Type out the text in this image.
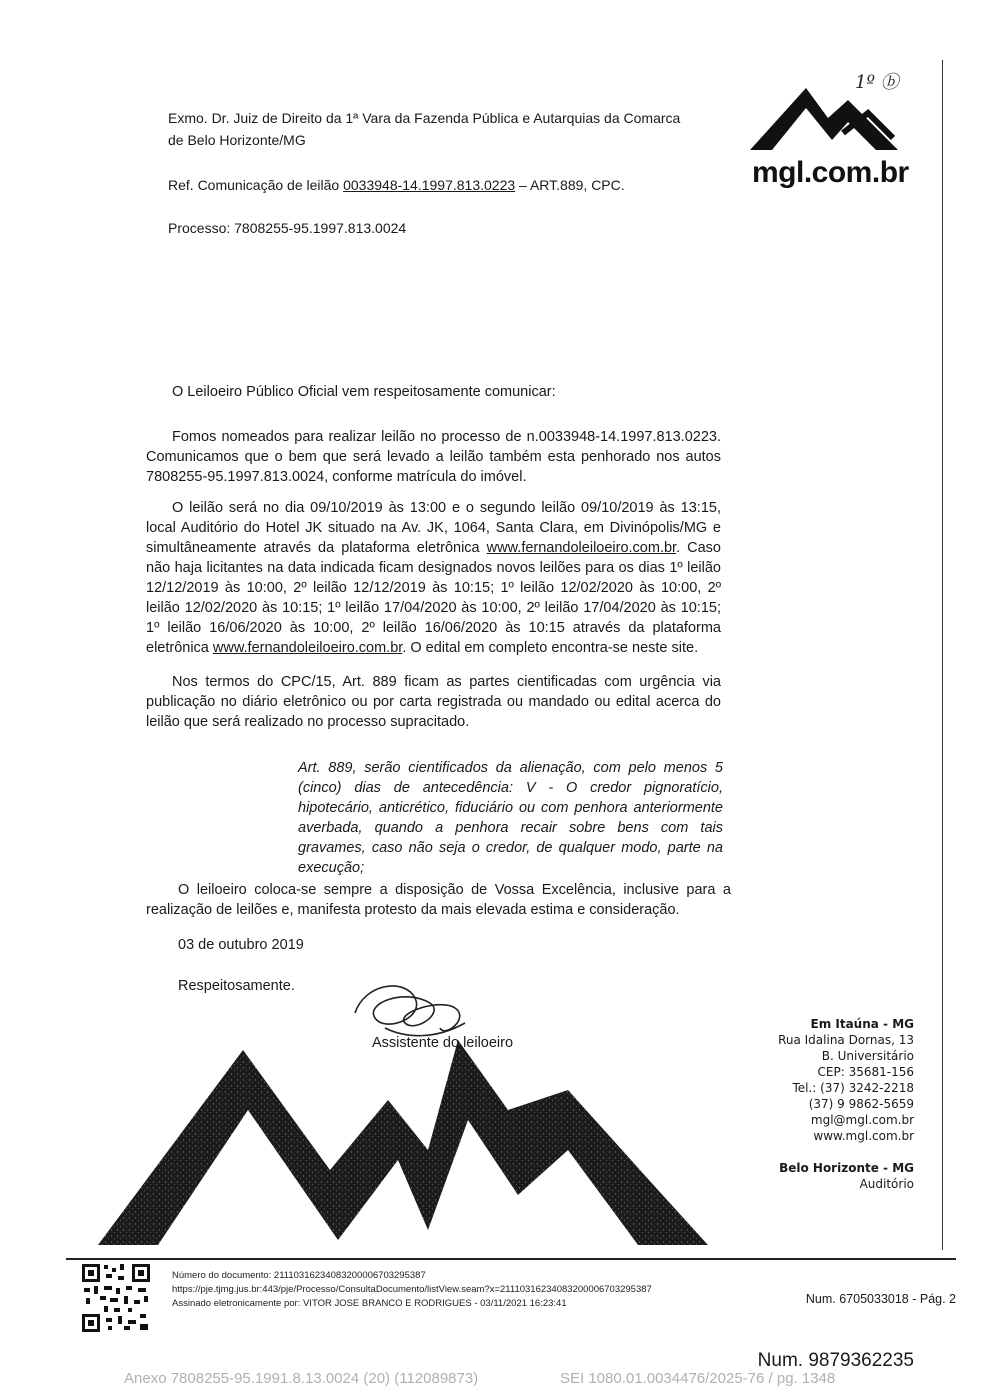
Exmo. Dr. Juiz de Direito da 1ª Vara da Fazenda Pública e Autarquias da Comarca
de Belo Horizonte/MG
Ref. Comunicação de leilão 0033948-14.1997.813.0223 – ART.889, CPC.
Processo: 7808255-95.1997.813.0024
1º ⓑ
mgl.com.br
O Leiloeiro Público Oficial vem respeitosamente comunicar:
Fomos nomeados para realizar leilão no processo de n.0033948-14.1997.813.0223. Comunicamos que o bem que será levado a leilão também esta penhorado nos autos 7808255-95.1997.813.0024, conforme matrícula do imóvel.
O leilão será no dia 09/10/2019 às 13:00 e o segundo leilão 09/10/2019 às 13:15, local Auditório do Hotel JK situado na Av. JK, 1064, Santa Clara, em Divinópolis/MG e simultâneamente através da plataforma eletrônica www.fernandoleiloeiro.com.br. Caso não haja licitantes na data indicada ficam designados novos leilões para os dias 1º leilão 12/12/2019 às 10:00, 2º leilão 12/12/2019 às 10:15; 1º leilão 12/02/2020 às 10:00, 2º leilão 12/02/2020 às 10:15; 1º leilão 17/04/2020 às 10:00, 2º leilão 17/04/2020 às 10:15; 1º leilão 16/06/2020 às 10:00, 2º leilão 16/06/2020 às 10:15 através da plataforma eletrônica www.fernandoleiloeiro.com.br. O edital em completo encontra-se neste site.
Nos termos do CPC/15, Art. 889 ficam as partes cientificadas com urgência via publicação no diário eletrônico ou por carta registrada ou mandado ou edital acerca do leilão que será realizado no processo supracitado.
Art. 889, serão cientificados da alienação, com pelo menos 5 (cinco) dias de antecedência: V - O credor pignoratício, hipotecário, anticrético, fiduciário ou com penhora anteriormente averbada, quando a penhora recair sobre bens com tais gravames, caso não seja o credor, de qualquer modo, parte na execução;
O leiloeiro coloca-se sempre a disposição de Vossa Excelência, inclusive para a realização de leilões e, manifesta protesto da mais elevada estima e consideração.
03 de outubro 2019
Respeitosamente.
Assistente do leiloeiro
Em Itaúna - MG
Rua Idalina Dornas, 13
B. Universitário
CEP: 35681-156
Tel.: (37) 3242-2218
(37) 9 9862-5659
mgl@mgl.com.br
www.mgl.com.br
Belo Horizonte - MG
Auditório
Número do documento: 21110316234083200006703295387
https://pje.tjmg.jus.br:443/pje/Processo/ConsultaDocumento/listView.seam?x=21110316234083200006703295387
Assinado eletronicamente por: VITOR JOSE BRANCO E RODRIGUES - 03/11/2021 16:23:41	Num. 6705033018 - Pág. 2
Num. 9879362235
Anexo 7808255-95.1991.8.13.0024 (20) (112089873)	SEI 1080.01.0034476/2025-76 / pg. 1348
